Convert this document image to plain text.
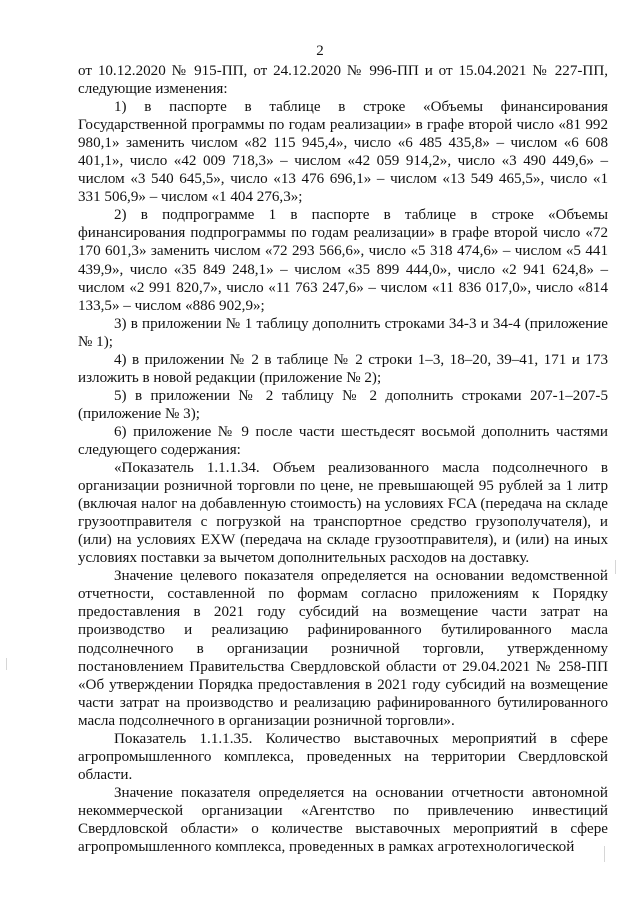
2

от 10.12.2020 № 915-ПП, от 24.12.2020 № 996-ПП и от 15.04.2021 № 227-ПП, следующие изменения:

1) в паспорте в таблице в строке «Объемы финансирования Государственной программы по годам реализации» в графе второй число «81 992 980,1» заменить числом «82 115 945,4», число «6 485 435,8» – числом «6 608 401,1», число «42 009 718,3» – числом «42 059 914,2», число «3 490 449,6» – числом «3 540 645,5», число «13 476 696,1» – числом «13 549 465,5», число «1 331 506,9» – числом «1 404 276,3»;

2) в подпрограмме 1 в паспорте в таблице в строке «Объемы финансирования подпрограммы по годам реализации» в графе второй число «72 170 601,3» заменить числом «72 293 566,6», число «5 318 474,6» – числом «5 441 439,9», число «35 849 248,1» – числом «35 899 444,0», число «2 941 624,8» – числом «2 991 820,7», число «11 763 247,6» – числом «11 836 017,0», число «814 133,5» – числом «886 902,9»;

3) в приложении № 1 таблицу дополнить строками 34-3 и 34-4 (приложение № 1);

4) в приложении № 2 в таблице № 2 строки 1–3, 18–20, 39–41, 171 и 173 изложить в новой редакции (приложение № 2);

5) в приложении № 2 таблицу № 2 дополнить строками 207-1–207-5 (приложение № 3);

6) приложение № 9 после части шестьдесят восьмой дополнить частями следующего содержания:

«Показатель 1.1.1.34. Объем реализованного масла подсолнечного в организации розничной торговли по цене, не превышающей 95 рублей за 1 литр (включая налог на добавленную стоимость) на условиях FCA (передача на складе грузоотправителя с погрузкой на транспортное средство грузополучателя), и (или) на условиях EXW (передача на складе грузоотправителя), и (или) на иных условиях поставки за вычетом дополнительных расходов на доставку.

Значение целевого показателя определяется на основании ведомственной отчетности, составленной по формам согласно приложениям к Порядку предоставления в 2021 году субсидий на возмещение части затрат на производство и реализацию рафинированного бутилированного масла подсолнечного в организации розничной торговли, утвержденному постановлением Правительства Свердловской области от 29.04.2021 № 258-ПП «Об утверждении Порядка предоставления в 2021 году субсидий на возмещение части затрат на производство и реализацию рафинированного бутилированного масла подсолнечного в организации розничной торговли».

Показатель 1.1.1.35. Количество выставочных мероприятий в сфере агропромышленного комплекса, проведенных на территории Свердловской области.

Значение показателя определяется на основании отчетности автономной некоммерческой организации «Агентство по привлечению инвестиций Свердловской области» о количестве выставочных мероприятий в сфере агропромышленного комплекса, проведенных в рамках агротехнологической
